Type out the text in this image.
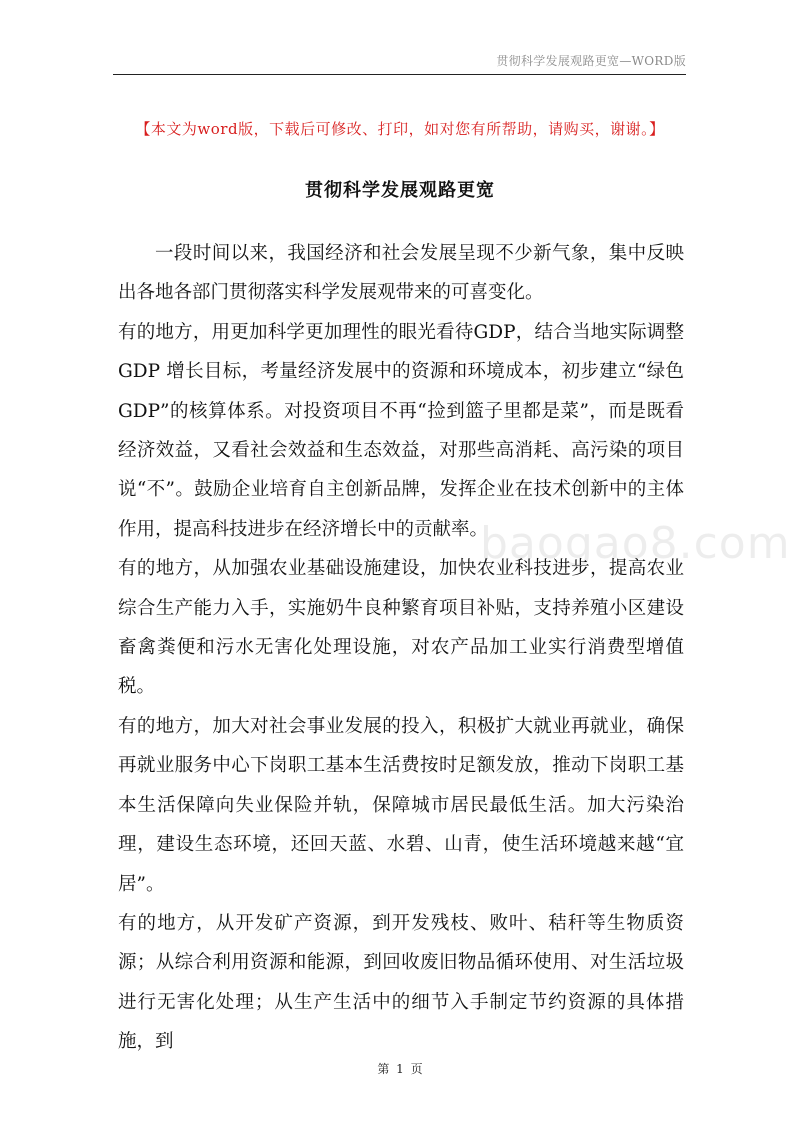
贯彻科学发展观路更宽—WORD版
【本文为word版，下载后可修改、打印，如对您有所帮助，请购买，谢谢。】
贯彻科学发展观路更宽

一段时间以来，我国经济和社会发展呈现不少新气象，集中反映出各地各部门贯彻落实科学发展观带来的可喜变化。

有的地方，用更加科学更加理性的眼光看待GDP，结合当地实际调整GDP 增长目标，考量经济发展中的资源和环境成本，初步建立“绿色GDP”的核算体系。对投资项目不再“捡到篮子里都是菜”，而是既看经济效益，又看社会效益和生态效益，对那些高消耗、高污染的项目说“不”。鼓励企业培育自主创新品牌，发挥企业在技术创新中的主体作用，提高科技进步在经济增长中的贡献率。

有的地方，从加强农业基础设施建设，加快农业科技进步，提高农业综合生产能力入手，实施奶牛良种繁育项目补贴，支持养殖小区建设畜禽粪便和污水无害化处理设施，对农产品加工业实行消费型增值税。

有的地方，加大对社会事业发展的投入，积极扩大就业再就业，确保再就业服务中心下岗职工基本生活费按时足额发放，推动下岗职工基本生活保障向失业保险并轨，保障城市居民最低生活。加大污染治理，建设生态环境，还回天蓝、水碧、山青，使生活环境越来越“宜居”。

有的地方，从开发矿产资源，到开发残枝、败叶、秸秆等生物质资源；从综合利用资源和能源，到回收废旧物品循环使用、对生活垃圾进行无害化处理；从生产生活中的细节入手制定节约资源的具体措施，到

baogao8.com
第 1 页
